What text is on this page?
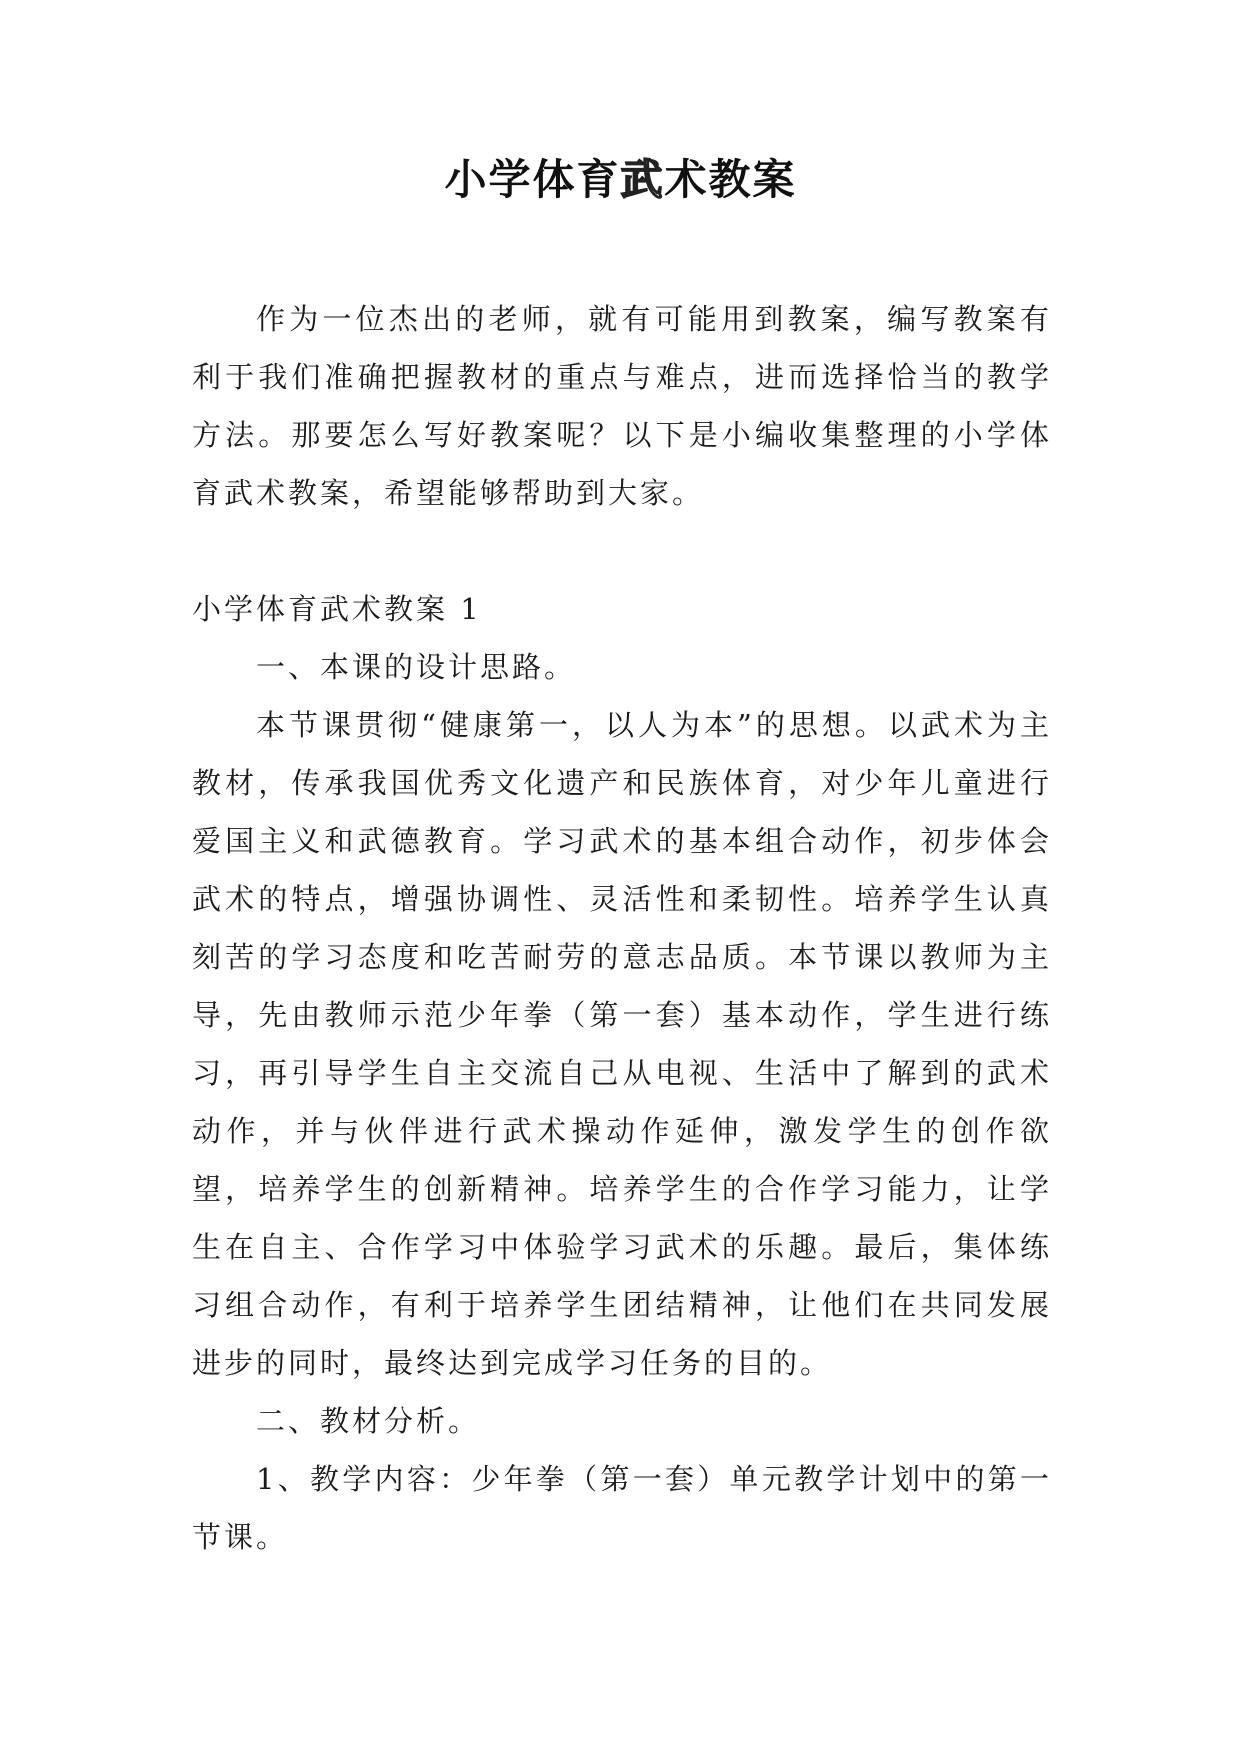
小学体育武术教案

作为一位杰出的老师，就有可能用到教案，编写教案有利于我们准确把握教材的重点与难点，进而选择恰当的教学方法。那要怎么写好教案呢？以下是小编收集整理的小学体育武术教案，希望能够帮助到大家。

小学体育武术教案 1

一、本课的设计思路。

本节课贯彻“健康第一，以人为本”的思想。以武术为主教材，传承我国优秀文化遗产和民族体育，对少年儿童进行爱国主义和武德教育。学习武术的基本组合动作，初步体会武术的特点，增强协调性、灵活性和柔韧性。培养学生认真刻苦的学习态度和吃苦耐劳的意志品质。本节课以教师为主导，先由教师示范少年拳（第一套）基本动作，学生进行练习，再引导学生自主交流自己从电视、生活中了解到的武术动作，并与伙伴进行武术操动作延伸，激发学生的创作欲望，培养学生的创新精神。培养学生的合作学习能力，让学生在自主、合作学习中体验学习武术的乐趣。最后，集体练习组合动作，有利于培养学生团结精神，让他们在共同发展进步的同时，最终达到完成学习任务的目的。

二、教材分析。

1、教学内容：少年拳（第一套）单元教学计划中的第一节课。
